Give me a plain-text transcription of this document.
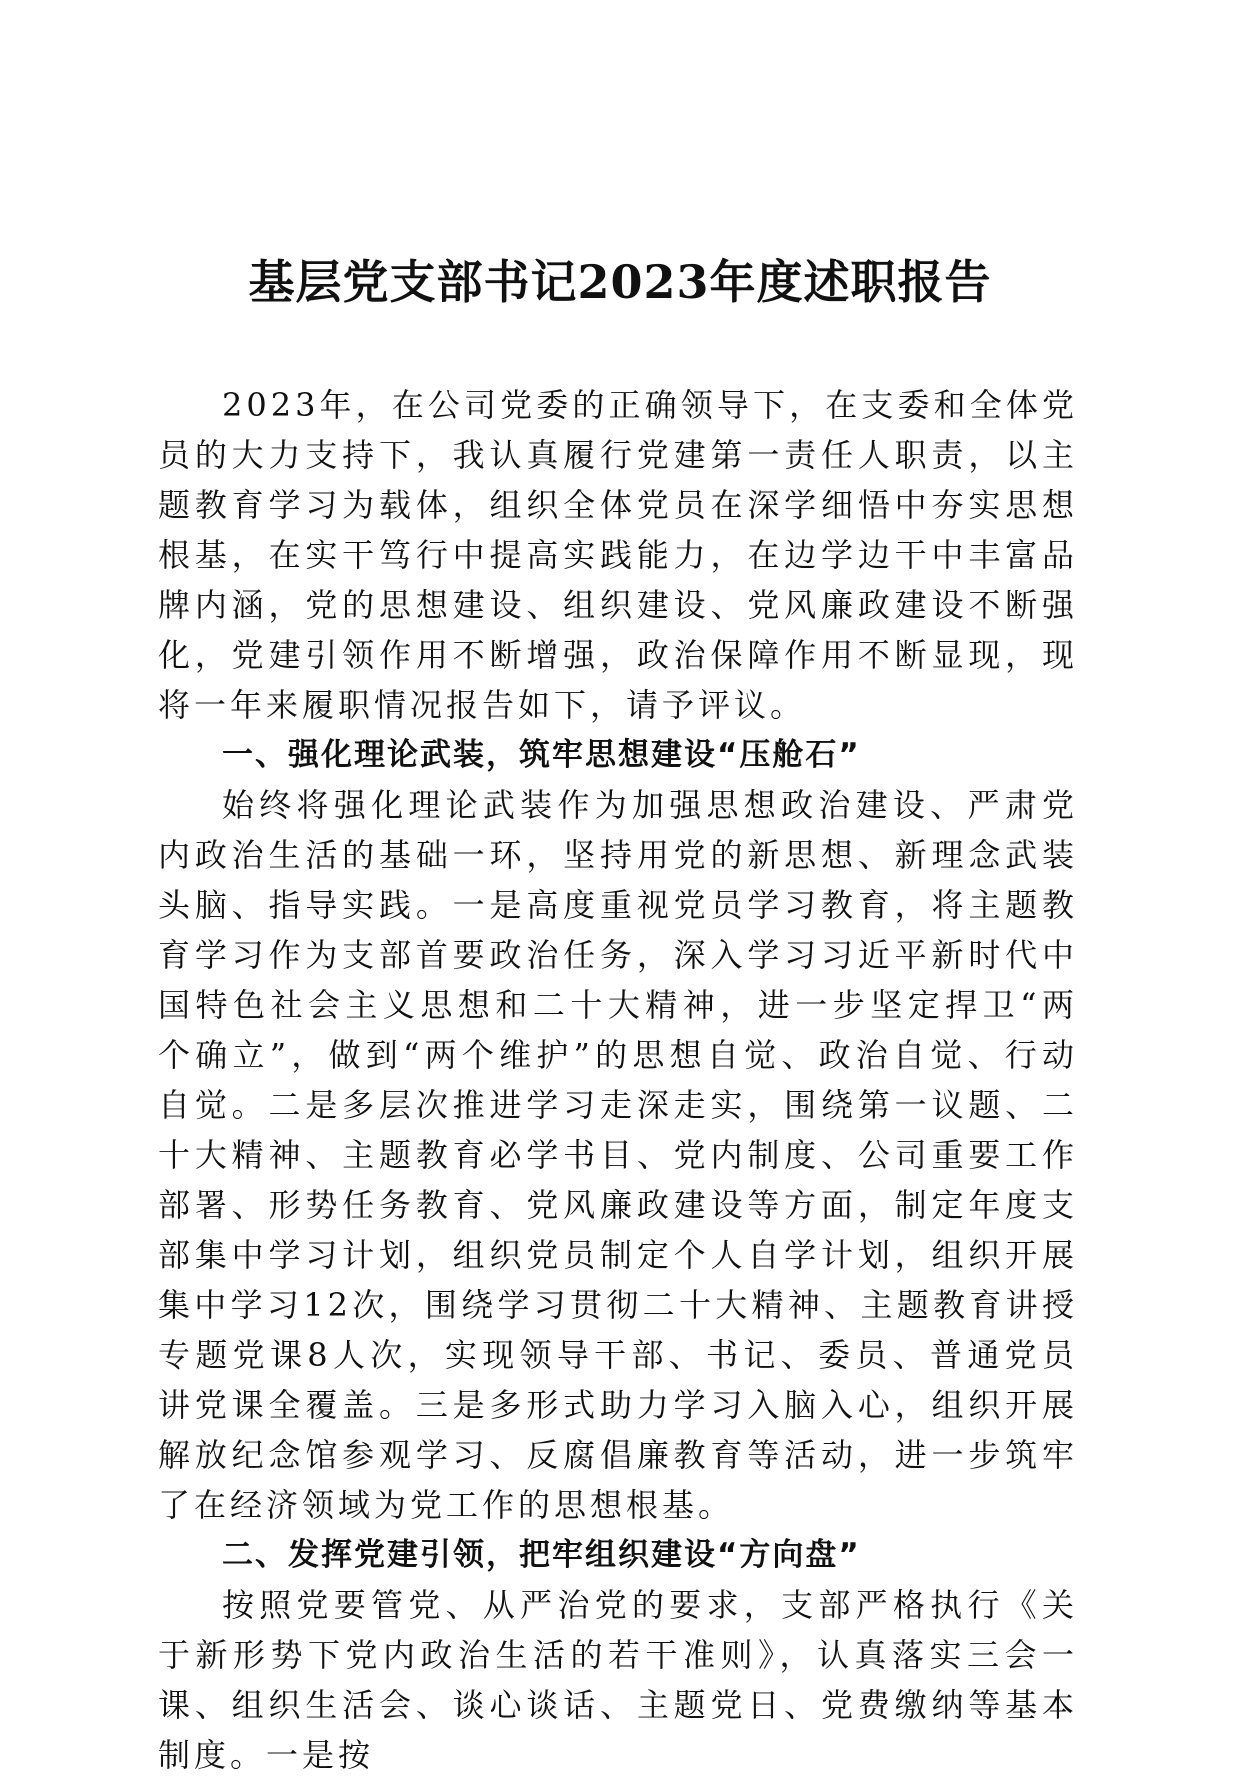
基层党支部书记2023年度述职报告

2023年，在公司党委的正确领导下，在支委和全体党员的大力支持下，我认真履行党建第一责任人职责，以主题教育学习为载体，组织全体党员在深学细悟中夯实思想根基，在实干笃行中提高实践能力，在边学边干中丰富品牌内涵，党的思想建设、组织建设、党风廉政建设不断强化，党建引领作用不断增强，政治保障作用不断显现，现将一年来履职情况报告如下，请予评议。

一、强化理论武装，筑牢思想建设“压舱石”

始终将强化理论武装作为加强思想政治建设、严肃党内政治生活的基础一环，坚持用党的新思想、新理念武装头脑、指导实践。一是高度重视党员学习教育，将主题教育学习作为支部首要政治任务，深入学习习近平新时代中国特色社会主义思想和二十大精神，进一步坚定捍卫“两个确立”，做到“两个维护”的思想自觉、政治自觉、行动自觉。二是多层次推进学习走深走实，围绕第一议题、二十大精神、主题教育必学书目、党内制度、公司重要工作部署、形势任务教育、党风廉政建设等方面，制定年度支部集中学习计划，组织党员制定个人自学计划，组织开展集中学习12次，围绕学习贯彻二十大精神、主题教育讲授专题党课8人次，实现领导干部、书记、委员、普通党员讲党课全覆盖。三是多形式助力学习入脑入心，组织开展解放纪念馆参观学习、反腐倡廉教育等活动，进一步筑牢了在经济领域为党工作的思想根基。

二、发挥党建引领，把牢组织建设“方向盘”

按照党要管党、从严治党的要求，支部严格执行《关于新形势下党内政治生活的若干准则》，认真落实三会一课、组织生活会、谈心谈话、主题党日、党费缴纳等基本制度。一是按
